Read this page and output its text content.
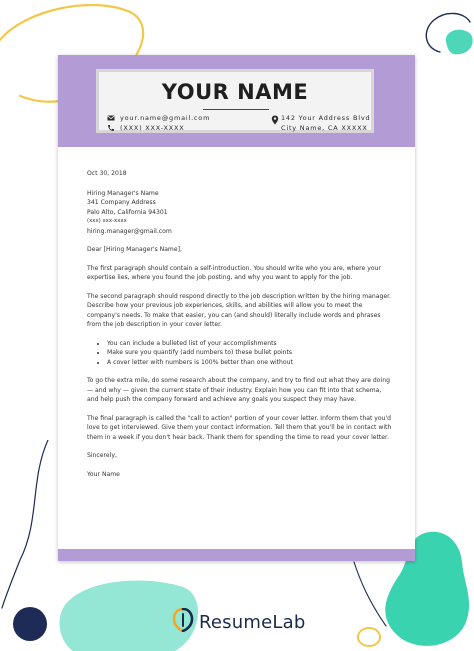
YOUR NAME
your.name@gmail.com
(XXX) XXX-XXXX
142 Your Address Blvd
City Name, CA XXXXX

Oct 30, 2018

Hiring Manager's Name

341 Company Address

Palo Alto, California 94301

(xxx) xxx-xxxx

hiring.manager@gmail.com

Dear [Hiring Manager's Name],

The first paragraph should contain a self-introduction. You should write who you are, where your expertise lies, where you found the job posting, and why you want to apply for the job.

The second paragraph should respond directly to the job description written by the hiring manager. Describe how your previous job experiences, skills, and abilities will allow you to meet the company's needs. To make that easier, you can (and should) literally include words and phrases from the job description in your cover letter.

• You can include a bulleted list of your accomplishments
• Make sure you quantify (add numbers to) these bullet points
• A cover letter with numbers is 100% better than one without

To go the extra mile, do some research about the company, and try to find out what they are doing — and why — given the current state of their industry. Explain how you can fit into that schema, and help push the company forward and achieve any goals you suspect they may have.

The final paragraph is called the "call to action" portion of your cover letter. Inform them that you'd love to get interviewed. Give them your contact information. Tell them that you'll be in contact with them in a week if you don't hear back. Thank them for spending the time to read your cover letter.

Sincerely,

Your Name

ResumeLab
